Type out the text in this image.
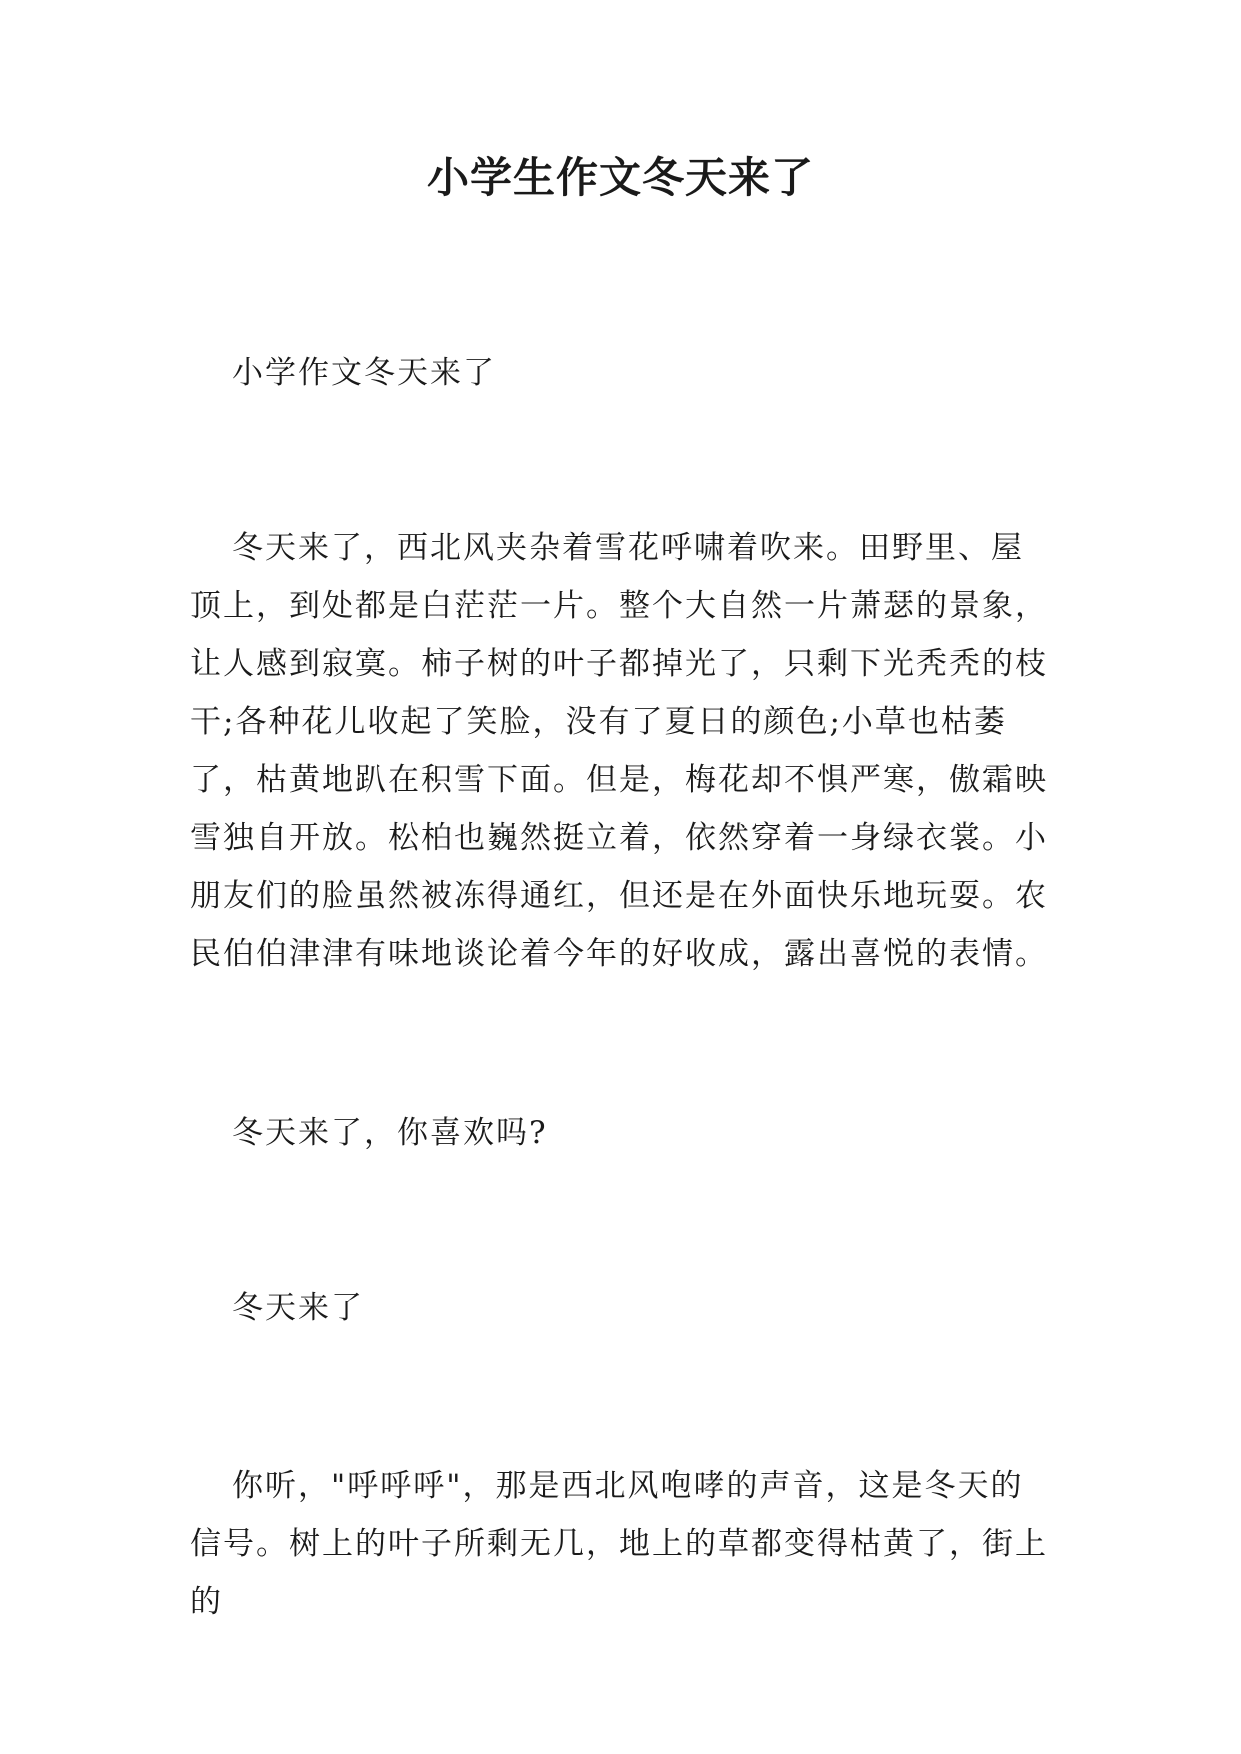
小学生作文冬天来了

小学作文冬天来了

冬天来了，西北风夹杂着雪花呼啸着吹来。田野里、屋顶上，到处都是白茫茫一片。整个大自然一片萧瑟的景象，让人感到寂寞。柿子树的叶子都掉光了，只剩下光秃秃的枝干;各种花儿收起了笑脸，没有了夏日的颜色;小草也枯萎了，枯黄地趴在积雪下面。但是，梅花却不惧严寒，傲霜映雪独自开放。松柏也巍然挺立着，依然穿着一身绿衣裳。小朋友们的脸虽然被冻得通红，但还是在外面快乐地玩耍。农民伯伯津津有味地谈论着今年的好收成，露出喜悦的表情。

冬天来了，你喜欢吗?

冬天来了

你听，"呼呼呼"，那是西北风咆哮的声音，这是冬天的信号。树上的叶子所剩无几，地上的草都变得枯黄了，街上的
